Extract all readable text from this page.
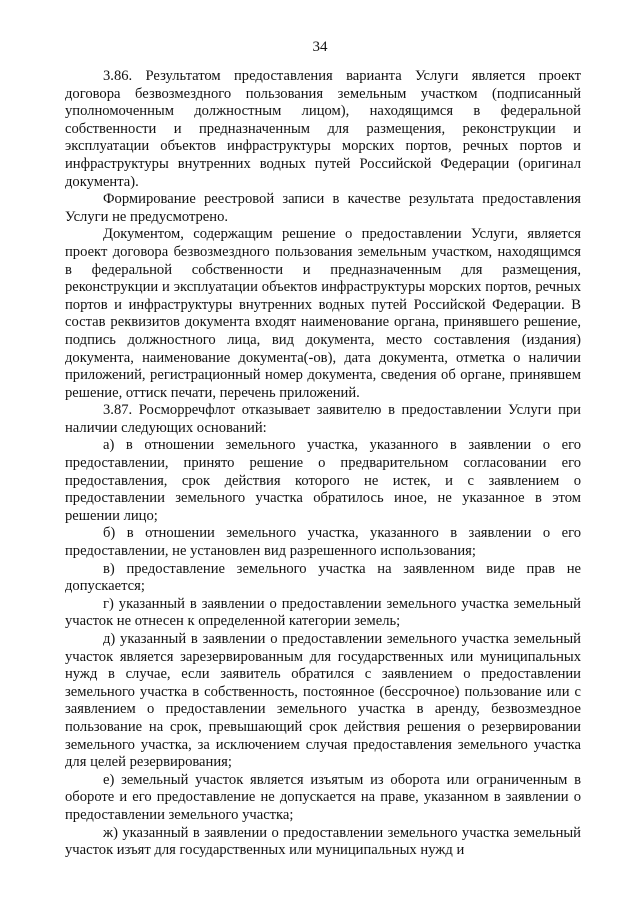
34

3.86. Результатом предоставления варианта Услуги является проект договора безвозмездного пользования земельным участком (подписанный уполномоченным должностным лицом), находящимся в федеральной собственности и предназначенным для размещения, реконструкции и эксплуатации объектов инфраструктуры морских портов, речных портов и инфраструктуры внутренних водных путей Российской Федерации (оригинал документа).

Формирование реестровой записи в качестве результата предоставления Услуги не предусмотрено.

Документом, содержащим решение о предоставлении Услуги, является проект договора безвозмездного пользования земельным участком, находящимся в федеральной собственности и предназначенным для размещения, реконструкции и эксплуатации объектов инфраструктуры морских портов, речных портов и инфраструктуры внутренних водных путей Российской Федерации. В состав реквизитов документа входят наименование органа, принявшего решение, подпись должностного лица, вид документа, место составления (издания) документа, наименование документа(-ов), дата документа, отметка о наличии приложений, регистрационный номер документа, сведения об органе, принявшем решение, оттиск печати, перечень приложений.

3.87. Росморречфлот отказывает заявителю в предоставлении Услуги при наличии следующих оснований:

а) в отношении земельного участка, указанного в заявлении о его предоставлении, принято решение о предварительном согласовании его предоставления, срок действия которого не истек, и с заявлением о предоставлении земельного участка обратилось иное, не указанное в этом решении лицо;

б) в отношении земельного участка, указанного в заявлении о его предоставлении, не установлен вид разрешенного использования;

в) предоставление земельного участка на заявленном виде прав не допускается;

г) указанный в заявлении о предоставлении земельного участка земельный участок не отнесен к определенной категории земель;

д) указанный в заявлении о предоставлении земельного участка земельный участок является зарезервированным для государственных или муниципальных нужд в случае, если заявитель обратился с заявлением о предоставлении земельного участка в собственность, постоянное (бессрочное) пользование или с заявлением о предоставлении земельного участка в аренду, безвозмездное пользование на срок, превышающий срок действия решения о резервировании земельного участка, за исключением случая предоставления земельного участка для целей резервирования;

е) земельный участок является изъятым из оборота или ограниченным в обороте и его предоставление не допускается на праве, указанном в заявлении о предоставлении земельного участка;

ж) указанный в заявлении о предоставлении земельного участка земельный участок изъят для государственных или муниципальных нужд и
